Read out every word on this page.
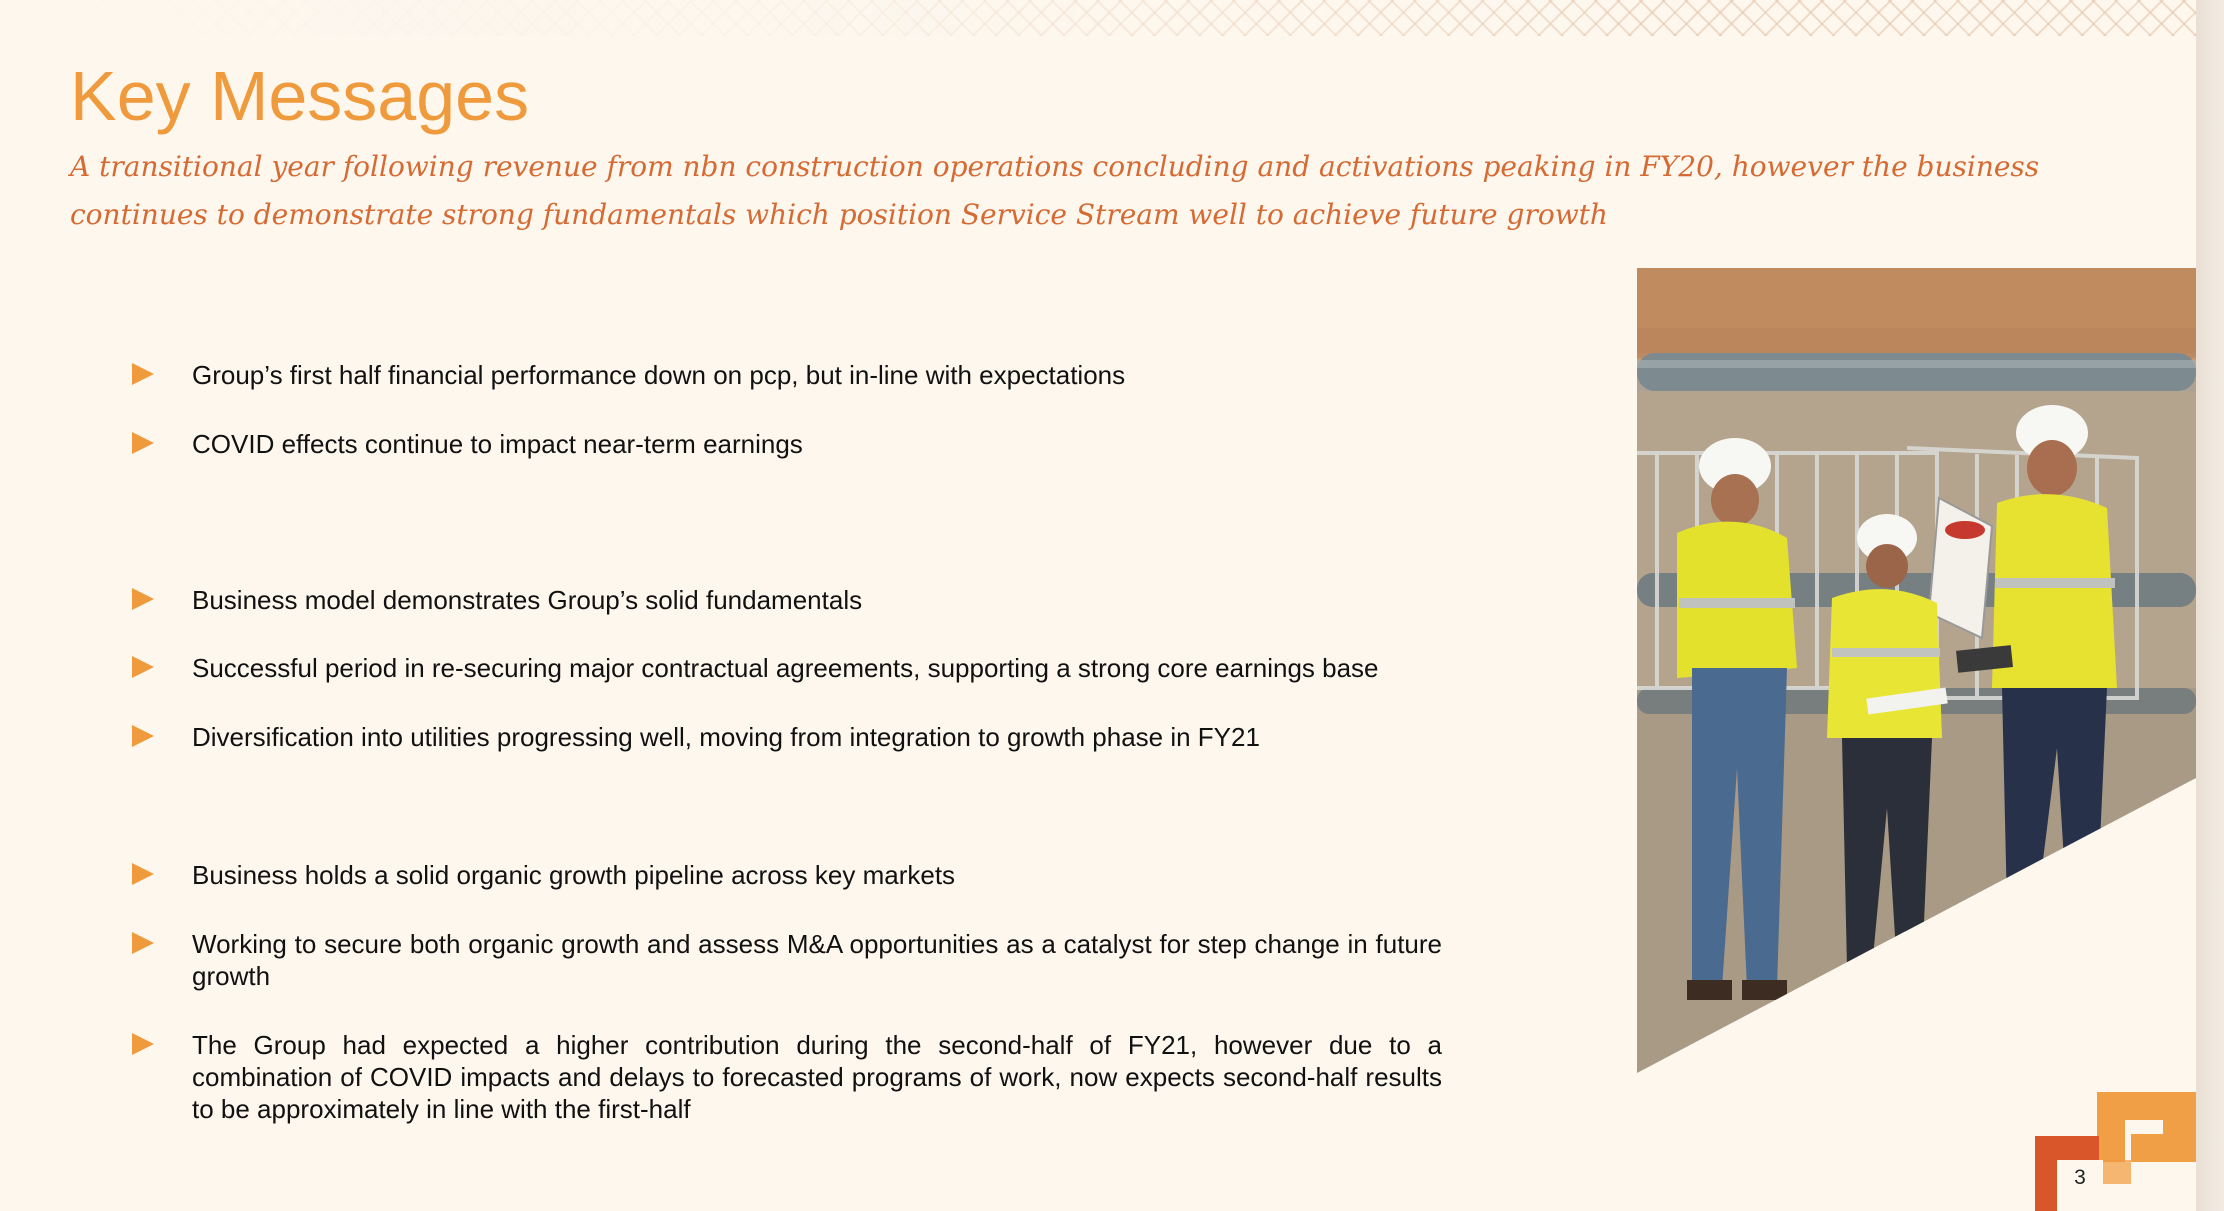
Key Messages
A transitional year following revenue from nbn construction operations concluding and activations peaking in FY20, however the business continues to demonstrate strong fundamentals which position Service Stream well to achieve future growth
Group’s first half financial performance down on pcp, but in-line with expectations
COVID effects continue to impact near-term earnings
Business model demonstrates Group’s solid fundamentals
Successful period in re-securing major contractual agreements, supporting a strong core earnings base
Diversification into utilities progressing well, moving from integration to growth phase in FY21
Business holds a solid organic growth pipeline across key markets
Working to secure both organic growth and assess M&A opportunities as a catalyst for step change in future growth
The Group had expected a higher contribution during the second-half of FY21, however due to a combination of COVID impacts and delays to forecasted programs of work, now expects second-half results to be approximately in line with the first-half
3
